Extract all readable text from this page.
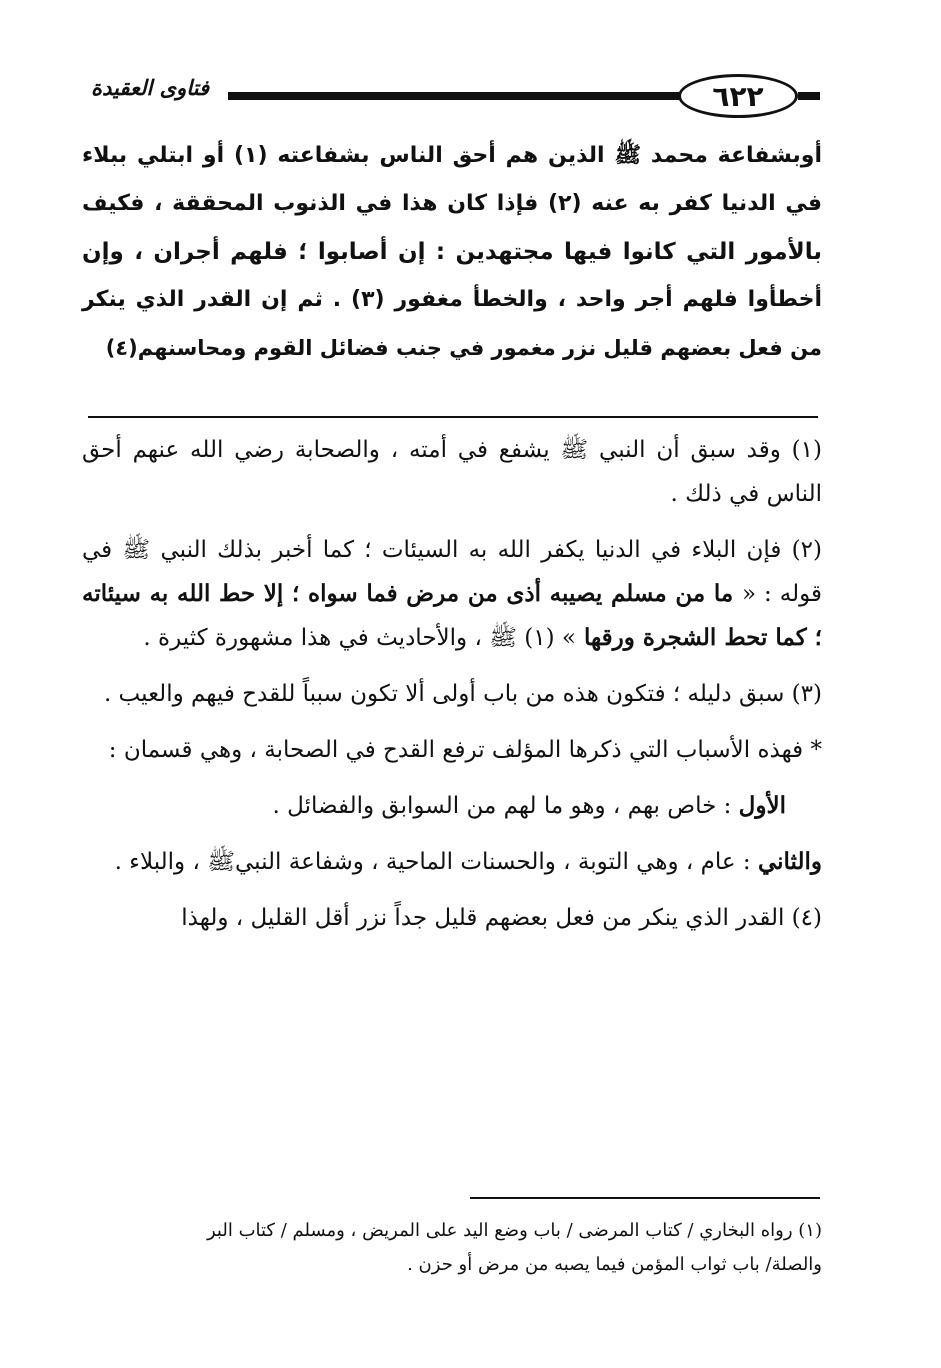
٦٢٢
فتاوى العقيدة
أوبشفاعة محمد ﷺ الذين هم أحق الناس بشفاعته (١) أو ابتلي ببلاء
في الدنيا كفر به عنه (٢) فإذا كان هذا في الذنوب المحققة ، فكيف
بالأمور التي كانوا فيها مجتهدين : إن أصابوا ؛ فلهم أجران ، وإن
أخطأوا فلهم أجر واحد ، والخطأ مغفور (٣) . ثم إن القدر الذي ينكر
من فعل بعضهم قليل نزر مغمور في جنب فضائل القوم ومحاسنهم(٤)

(١) وقد سبق أن النبي ﷺ يشفع في أمته ، والصحابة رضي الله عنهم أحق الناس في ذلك .

(٢) فإن البلاء في الدنيا يكفر الله به السيئات ؛ كما أخبر بذلك النبي ﷺ في قوله : « ما من مسلم يصيبه أذى من مرض فما سواه ؛ إلا حط الله به سيئاته ؛ كما تحط الشجرة ورقها » (١) ﷺ ، والأحاديث في هذا مشهورة كثيرة .

(٣) سبق دليله ؛ فتكون هذه من باب أولى ألا تكون سبباً للقدح فيهم والعيب .

* فهذه الأسباب التي ذكرها المؤلف ترفع القدح في الصحابة ، وهي قسمان :

الأول : خاص بهم ، وهو ما لهم من السوابق والفضائل .

والثاني : عام ، وهي التوبة ، والحسنات الماحية ، وشفاعة النبيﷺ ، والبلاء .

(٤) القدر الذي ينكر من فعل بعضهم قليل جداً نزر أقل القليل ، ولهذا

(١) رواه البخاري / كتاب المرضى / باب وضع اليد على المريض ، ومسلم / كتاب البر
والصلة/ باب ثواب المؤمن فيما يصبه من مرض أو حزن .
